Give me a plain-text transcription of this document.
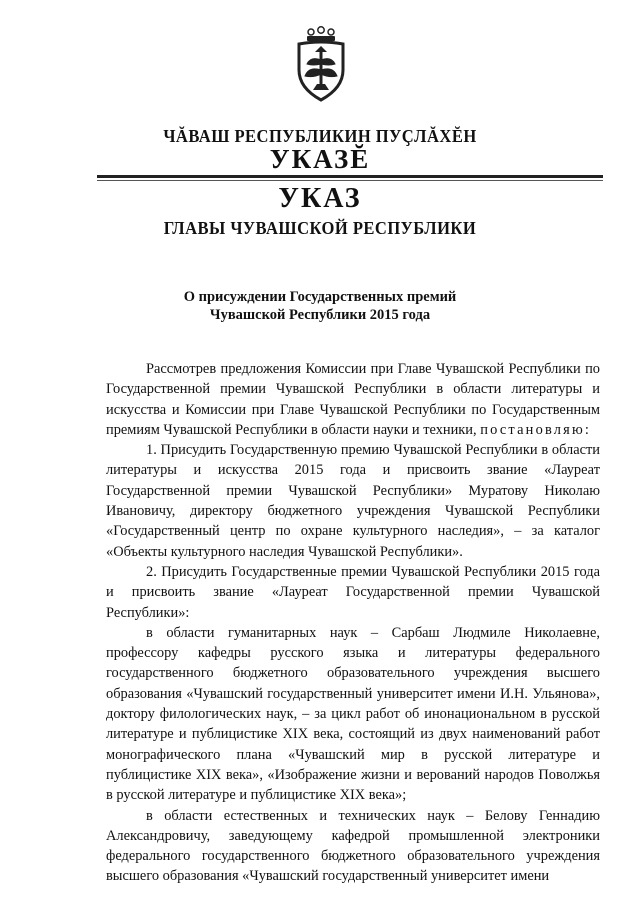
ЧĂВАШ РЕСПУБЛИКИН ПУҪЛĂХĔН
УКАЗĔ
УКАЗ
ГЛАВЫ ЧУВАШСКОЙ РЕСПУБЛИКИ
О присуждении Государственных премий
Чувашской Республики 2015 года

Рассмотрев предложения Комиссии при Главе Чувашской Республики по Государственной премии Чувашской Республики в области литературы и искусства и Комиссии при Главе Чувашской Республики по Государственным премиям Чувашской Республики в области науки и техники, постановляю:

1. Присудить Государственную премию Чувашской Республики в области литературы и искусства 2015 года и присвоить звание «Лауреат Государственной премии Чувашской Республики» Муратову Николаю Ивановичу, директору бюджетного учреждения Чувашской Республики «Государственный центр по охране культурного наследия», – за каталог «Объекты культурного наследия Чувашской Республики».

2. Присудить Государственные премии Чувашской Республики 2015 года и присвоить звание «Лауреат Государственной премии Чувашской Республики»:

в области гуманитарных наук – Сарбаш Людмиле Николаевне, профессору кафедры русского языка и литературы федерального государственного бюджетного образовательного учреждения высшего образования «Чувашский государственный университет имени И.Н. Ульянова», доктору филологических наук, – за цикл работ об инонациональном в русской литературе и публицистике XIX века, состоящий из двух наименований работ монографического плана «Чувашский мир в русской литературе и публицистике XIX века», «Изображение жизни и верований народов Поволжья в русской литературе и публицистике XIX века»;

в области естественных и технических наук – Белову Геннадию Александровичу, заведующему кафедрой промышленной электроники федерального государственного бюджетного образовательного учреждения высшего образования «Чувашский государственный университет имени
